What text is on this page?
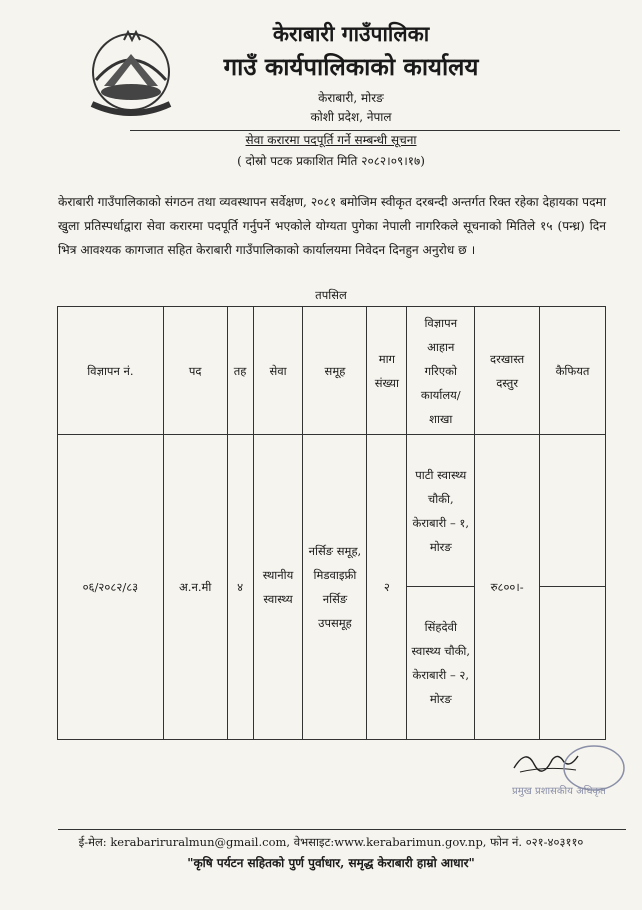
केराबारी गाउँपालिका
गाउँ कार्यपालिकाको कार्यालय
केराबारी, मोरङ
कोशी प्रदेश, नेपाल
सेवा करारमा पदपूर्ति गर्ने सम्बन्धी सूचना
( दोस्रो पटक प्रकाशित मिति २०८२।०९।१७)
केराबारी गाउँपालिकाको संगठन तथा व्यवस्थापन सर्वेक्षण, २०८१ बमोजिम स्वीकृत दरबन्दी अन्तर्गत रिक्त रहेका देहायका पदमा खुला प्रतिस्पर्धाद्वारा सेवा करारमा पदपूर्ति गर्नुपर्ने भएकोले योग्यता पुगेका नेपाली नागरिकले सूचनाको मितिले १५ (पन्ध्र) दिन भित्र आवश्यक कागजात सहित केराबारी गाउँपालिकाको कार्यालयमा निवेदन दिनहुन अनुरोध छ ।
तपसिल
विज्ञापन नं.	पद	तह	सेवा	समूह	माग संख्या	विज्ञापन आहान गरिएको कार्यालय/ शाखा	दरखास्त दस्तुर	कैफियत
०६/२०८२/८३	अ.न.मी	४	स्थानीय स्वास्थ्य	नर्सिङ समूह, मिडवाइफ्री नर्सिङ उपसमूह	२	पाटी स्वास्थ्य चौकी, केराबारी – १, मोरङ	रु८००।-	
						सिंहदेवी स्वास्थ्य चौकी, केराबारी – २, मोरङ		
प्रमुख प्रशासकीय अधिकृत
ई-मेल: kerabariruralmun@gmail.com, वेभसाइट:www.kerabarimun.gov.np, फोन नं. ०२१-४०३११०
"कृषि पर्यटन सहितको पुर्ण पुर्वाधार, समृद्ध केराबारी हाम्रो आधार"
